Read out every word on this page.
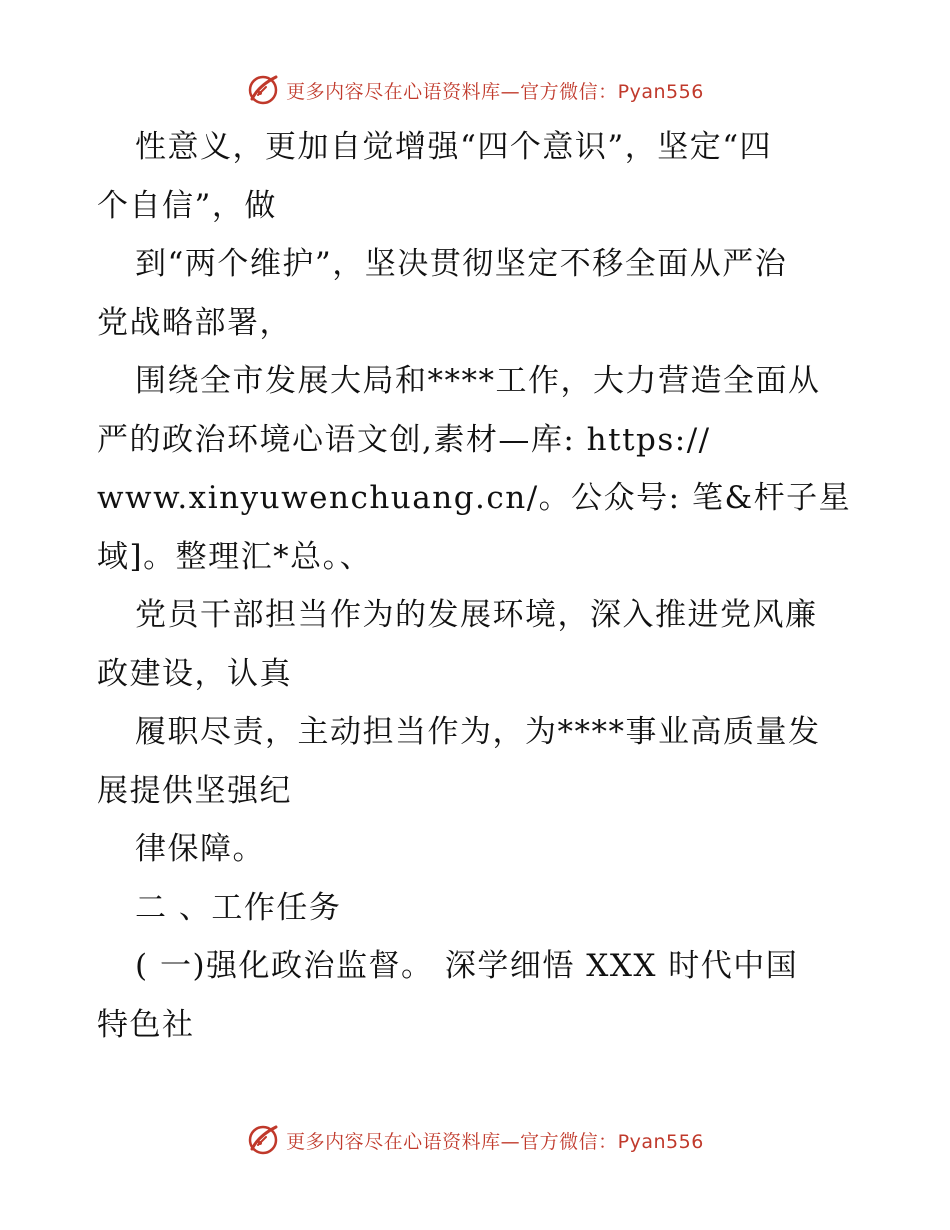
更多内容尽在心语资料库—官方微信：Pyan556
性意义，更加自觉增强“四个意识”，坚定“四
个自信”，做
到“两个维护”，坚决贯彻坚定不移全面从严治
党战略部署，
围绕全市发展大局和****工作，大力营造全面从
严的政治环境心语文创,素材—库: https://
www.xinyuwenchuang.cn/。公众号: 笔&杆子星
域]。整理汇*总。、
党员干部担当作为的发展环境，深入推进党风廉
政建设，认真
履职尽责，主动担当作为，为****事业高质量发
展提供坚强纪
律保障。
二 、工作任务
( 一)强化政治监督。 深学细悟 XXX 时代中国
特色社
更多内容尽在心语资料库—官方微信：Pyan556
